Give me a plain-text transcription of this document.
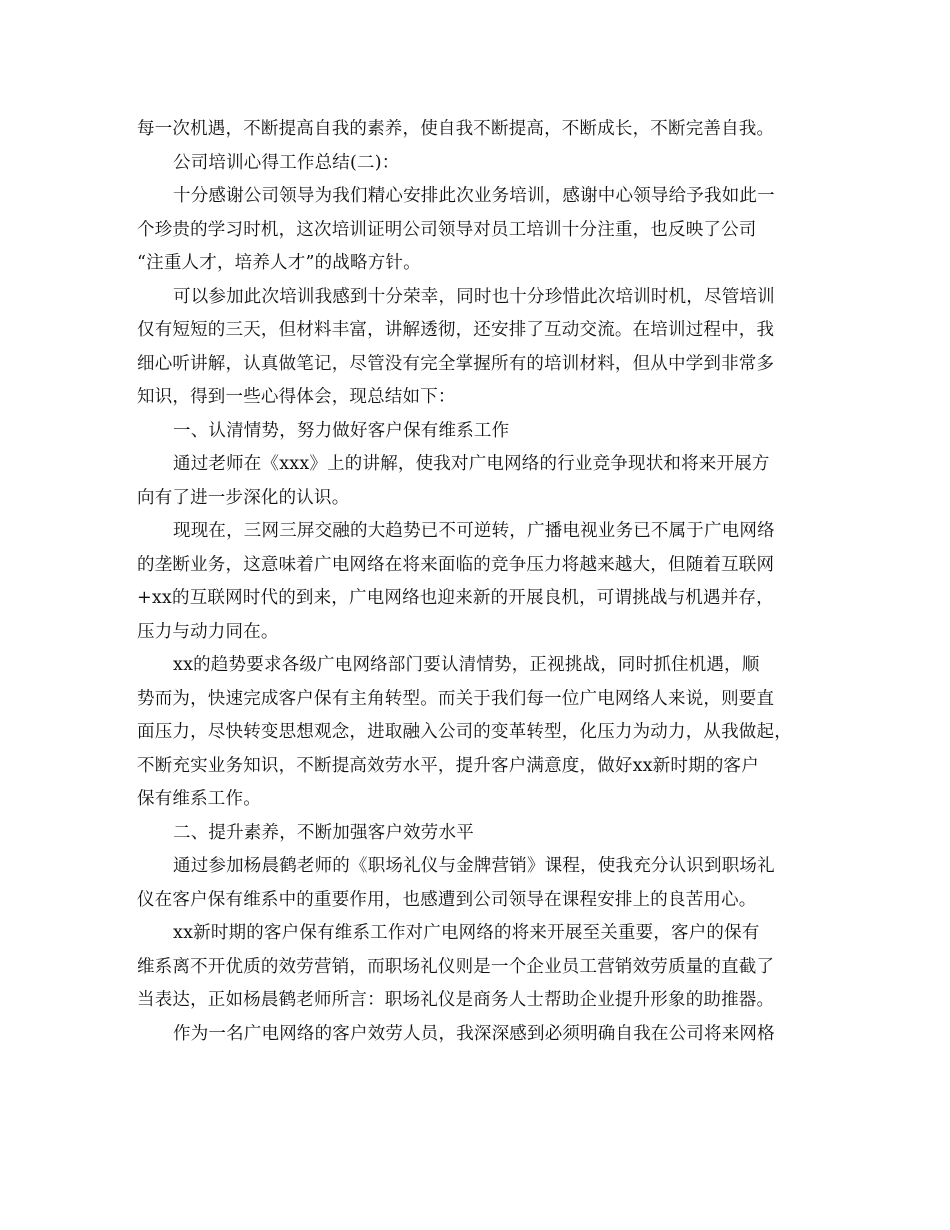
每一次机遇，不断提高自我的素养，使自我不断提高，不断成长，不断完善自我。
公司培训心得工作总结(二)：
十分感谢公司领导为我们精心安排此次业务培训，感谢中心领导给予我如此一
个珍贵的学习时机，这次培训证明公司领导对员工培训十分注重，也反映了公司
“注重人才，培养人才”的战略方针。
可以参加此次培训我感到十分荣幸，同时也十分珍惜此次培训时机，尽管培训
仅有短短的三天，但材料丰富，讲解透彻，还安排了互动交流。在培训过程中，我
细心听讲解，认真做笔记，尽管没有完全掌握所有的培训材料，但从中学到非常多
知识，得到一些心得体会，现总结如下：
一、认清情势，努力做好客户保有维系工作
通过老师在《xxx》上的讲解，使我对广电网络的行业竞争现状和将来开展方
向有了进一步深化的认识。
现现在，三网三屏交融的大趋势已不可逆转，广播电视业务已不属于广电网络
的垄断业务，这意味着广电网络在将来面临的竞争压力将越来越大，但随着互联网
+xx的互联网时代的到来，广电网络也迎来新的开展良机，可谓挑战与机遇并存，
压力与动力同在。
xx的趋势要求各级广电网络部门要认清情势，正视挑战，同时抓住机遇，顺
势而为，快速完成客户保有主角转型。而关于我们每一位广电网络人来说，则要直
面压力，尽快转变思想观念，进取融入公司的变革转型，化压力为动力，从我做起，
不断充实业务知识，不断提高效劳水平，提升客户满意度，做好xx新时期的客户
保有维系工作。
二、提升素养，不断加强客户效劳水平
通过参加杨晨鹤老师的《职场礼仪与金牌营销》课程，使我充分认识到职场礼
仪在客户保有维系中的重要作用，也感遭到公司领导在课程安排上的良苦用心。
xx新时期的客户保有维系工作对广电网络的将来开展至关重要，客户的保有
维系离不开优质的效劳营销，而职场礼仪则是一个企业员工营销效劳质量的直截了
当表达，正如杨晨鹤老师所言：职场礼仪是商务人士帮助企业提升形象的助推器。
作为一名广电网络的客户效劳人员，我深深感到必须明确自我在公司将来网格
